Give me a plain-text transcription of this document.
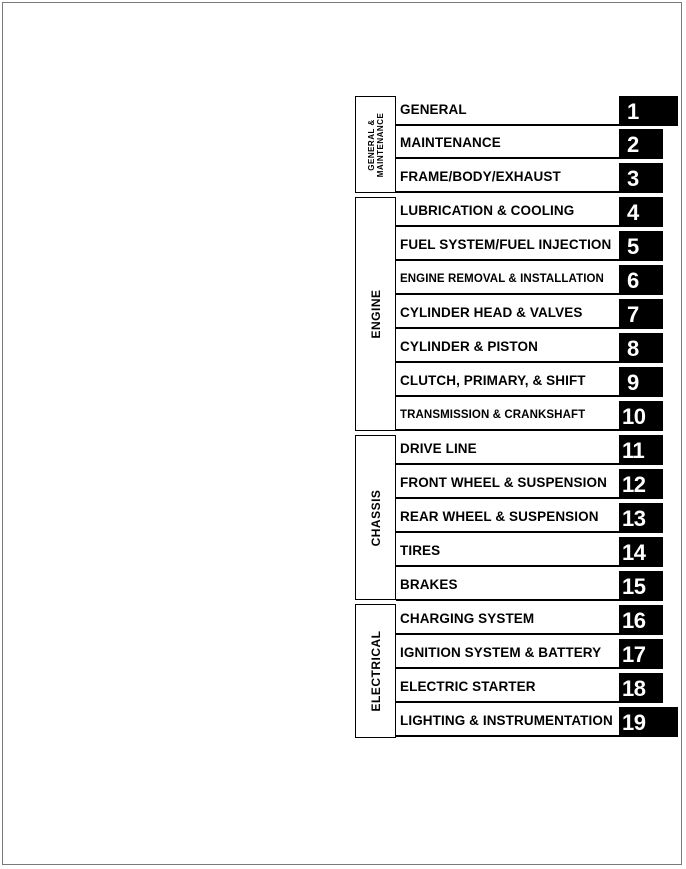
GENERAL &
MAINTENANCE
ENGINE
CHASSIS
ELECTRICAL
GENERAL	1
MAINTENANCE	2
FRAME/BODY/EXHAUST	3
LUBRICATION & COOLING	4
FUEL SYSTEM/FUEL INJECTION 5
ENGINE REMOVAL & INSTALLATION	6
CYLINDER HEAD & VALVES	7
CYLINDER & PISTON	8
CLUTCH, PRIMARY, & SHIFT	9
TRANSMISSION & CRANKSHAFT	10
DRIVE LINE	11
FRONT WHEEL & SUSPENSION 12
REAR WHEEL & SUSPENSION	13
TIRES	14
BRAKES	15
CHARGING SYSTEM	16
IGNITION SYSTEM & BATTERY 17
ELECTRIC STARTER	18
LIGHTING & INSTRUMENTATION 19
